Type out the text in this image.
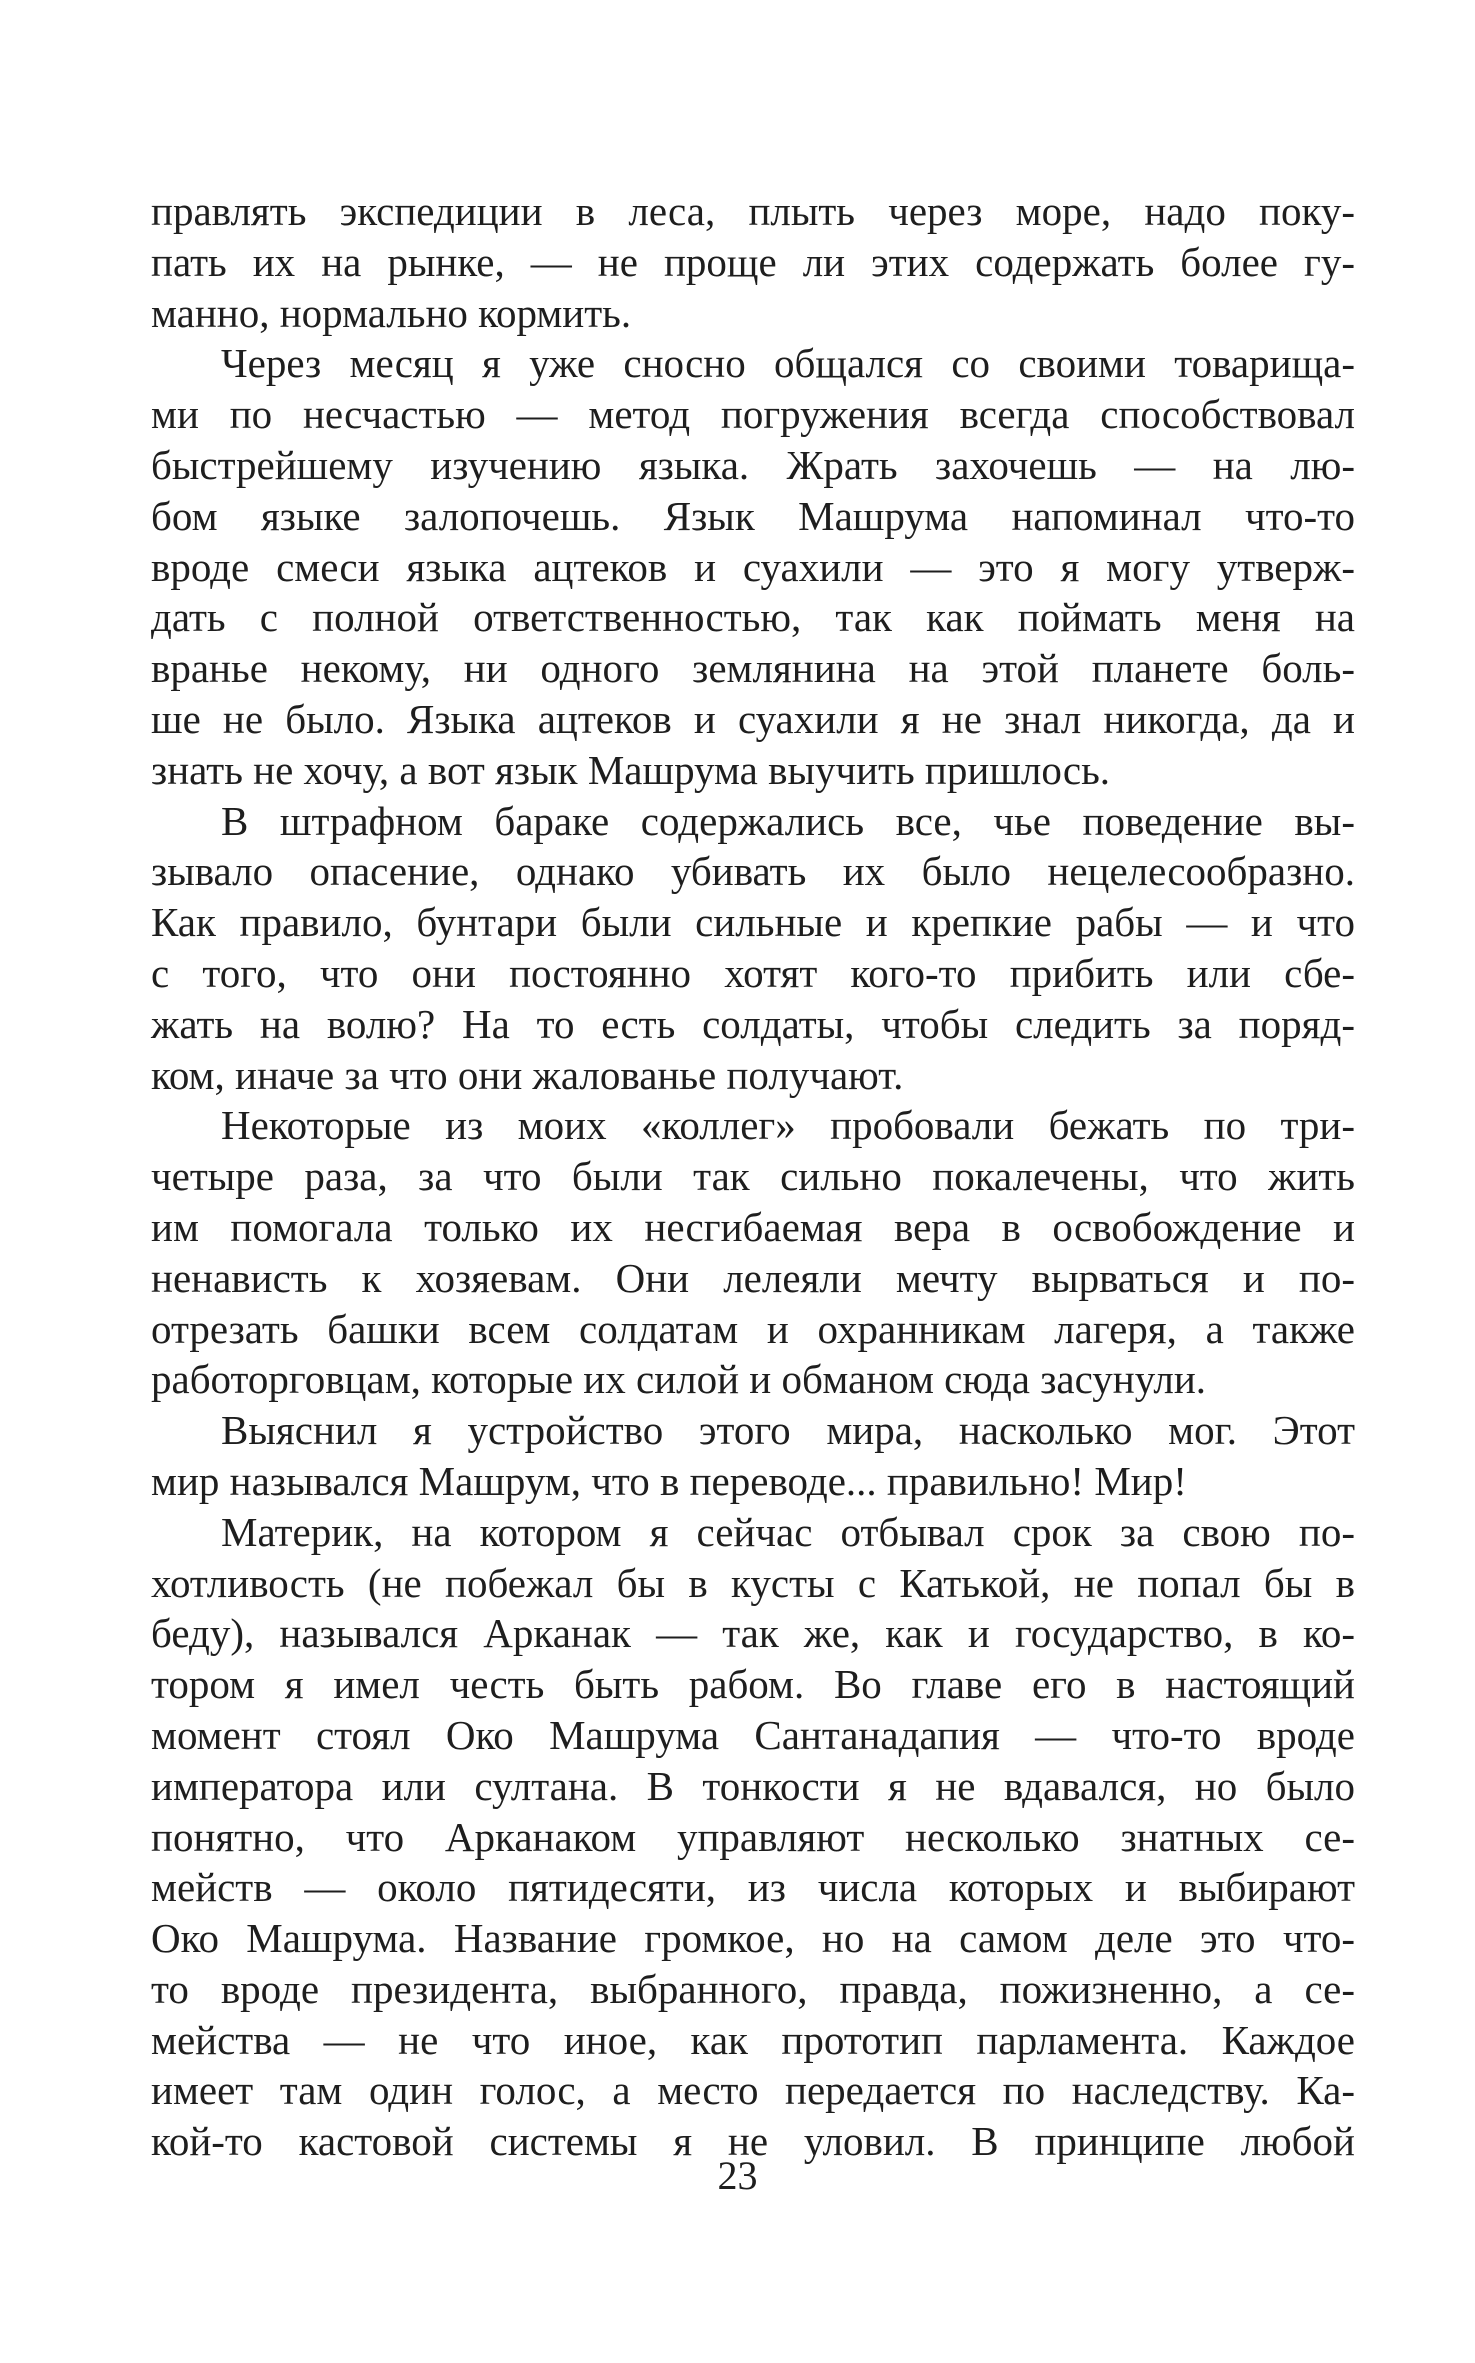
правлять экспедиции в леса, плыть через море, надо поку-
пать их на рынке, — не проще ли этих содержать более гу-
манно, нормально кормить.
Через месяц я уже сносно общался со своими товарища-
ми по несчастью — метод погружения всегда способствовал
быстрейшему изучению языка. Жрать захочешь — на лю-
бом языке залопочешь. Язык Машрума напоминал что-то
вроде смеси языка ацтеков и суахили — это я могу утверж-
дать с полной ответственностью, так как поймать меня на
вранье некому, ни одного землянина на этой планете боль-
ше не было. Языка ацтеков и суахили я не знал никогда, да и
знать не хочу, а вот язык Машрума выучить пришлось.
В штрафном бараке содержались все, чье поведение вы-
зывало опасение, однако убивать их было нецелесообразно.
Как правило, бунтари были сильные и крепкие рабы — и что
с того, что они постоянно хотят кого-то прибить или сбе-
жать на волю? На то есть солдаты, чтобы следить за поряд-
ком, иначе за что они жалованье получают.
Некоторые из моих «коллег» пробовали бежать по три-
четыре раза, за что были так сильно покалечены, что жить
им помогала только их несгибаемая вера в освобождение и
ненависть к хозяевам. Они лелеяли мечту вырваться и по-
отрезать башки всем солдатам и охранникам лагеря, а также
работорговцам, которые их силой и обманом сюда засунули.
Выяснил я устройство этого мира, насколько мог. Этот
мир назывался Машрум, что в переводе... правильно! Мир!
Материк, на котором я сейчас отбывал срок за свою по-
хотливость (не побежал бы в кусты с Катькой, не попал бы в
беду), назывался Арканак — так же, как и государство, в ко-
тором я имел честь быть рабом. Во главе его в настоящий
момент стоял Око Машрума Сантанадапия — что-то вроде
императора или султана. В тонкости я не вдавался, но было
понятно, что Арканаком управляют несколько знатных се-
мейств — около пятидесяти, из числа которых и выбирают
Око Машрума. Название громкое, но на самом деле это что-
то вроде президента, выбранного, правда, пожизненно, а се-
мейства — не что иное, как прототип парламента. Каждое
имеет там один голос, а место передается по наследству. Ка-
кой-то кастовой системы я не уловил. В принципе любой
23
